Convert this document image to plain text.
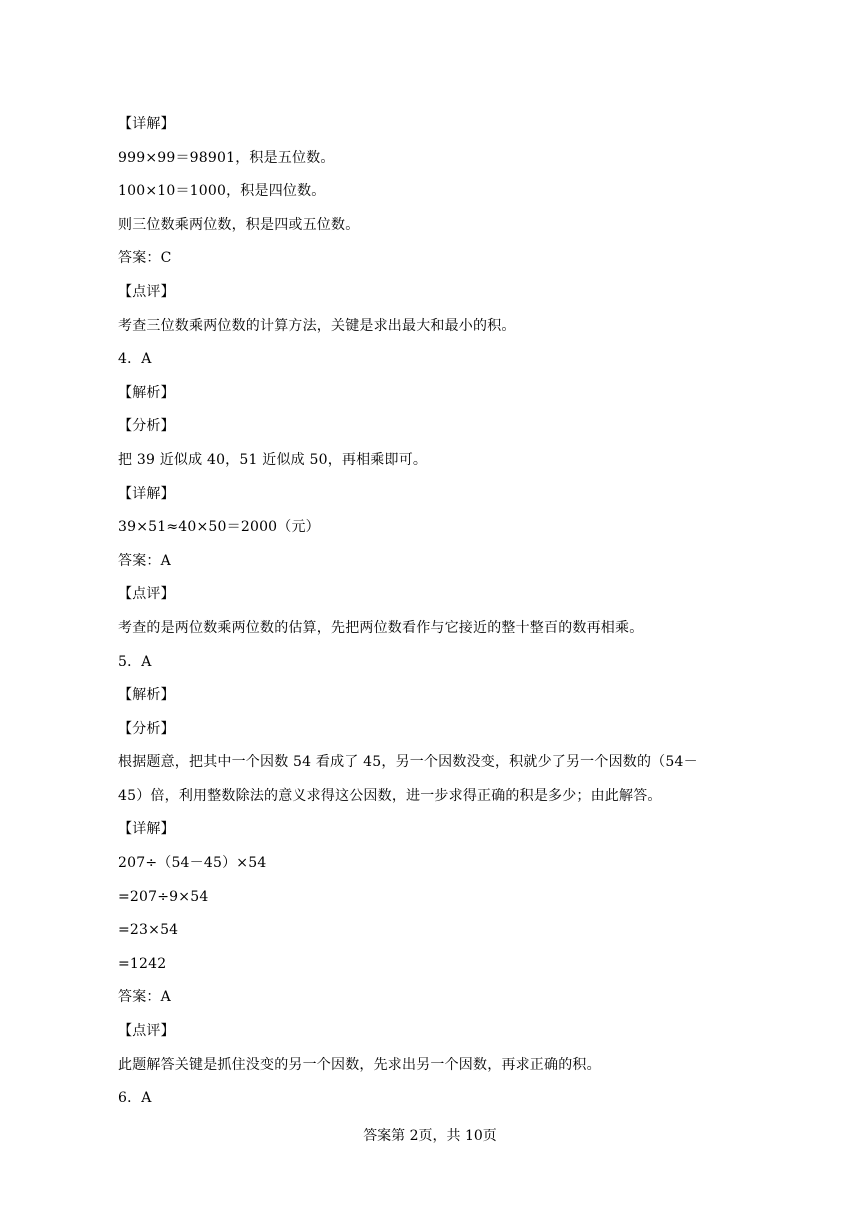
【详解】
999×99＝98901，积是五位数。
100×10＝1000，积是四位数。
则三位数乘两位数，积是四或五位数。
答案：C
【点评】
考查三位数乘两位数的计算方法，关键是求出最大和最小的积。
4．A
【解析】
【分析】
把 39 近似成 40，51 近似成 50，再相乘即可。
【详解】
39×51≈40×50＝2000（元）
答案：A
【点评】
考查的是两位数乘两位数的估算，先把两位数看作与它接近的整十整百的数再相乘。
5．A
【解析】
【分析】
根据题意，把其中一个因数 54 看成了 45，另一个因数没变，积就少了另一个因数的（54－
45）倍，利用整数除法的意义求得这公因数，进一步求得正确的积是多少；由此解答。
【详解】
207÷（54－45）×54
=207÷9×54
=23×54
=1242
答案：A
【点评】
此题解答关键是抓住没变的另一个因数，先求出另一个因数，再求正确的积。
6．A
答案第 2页，共 10页
